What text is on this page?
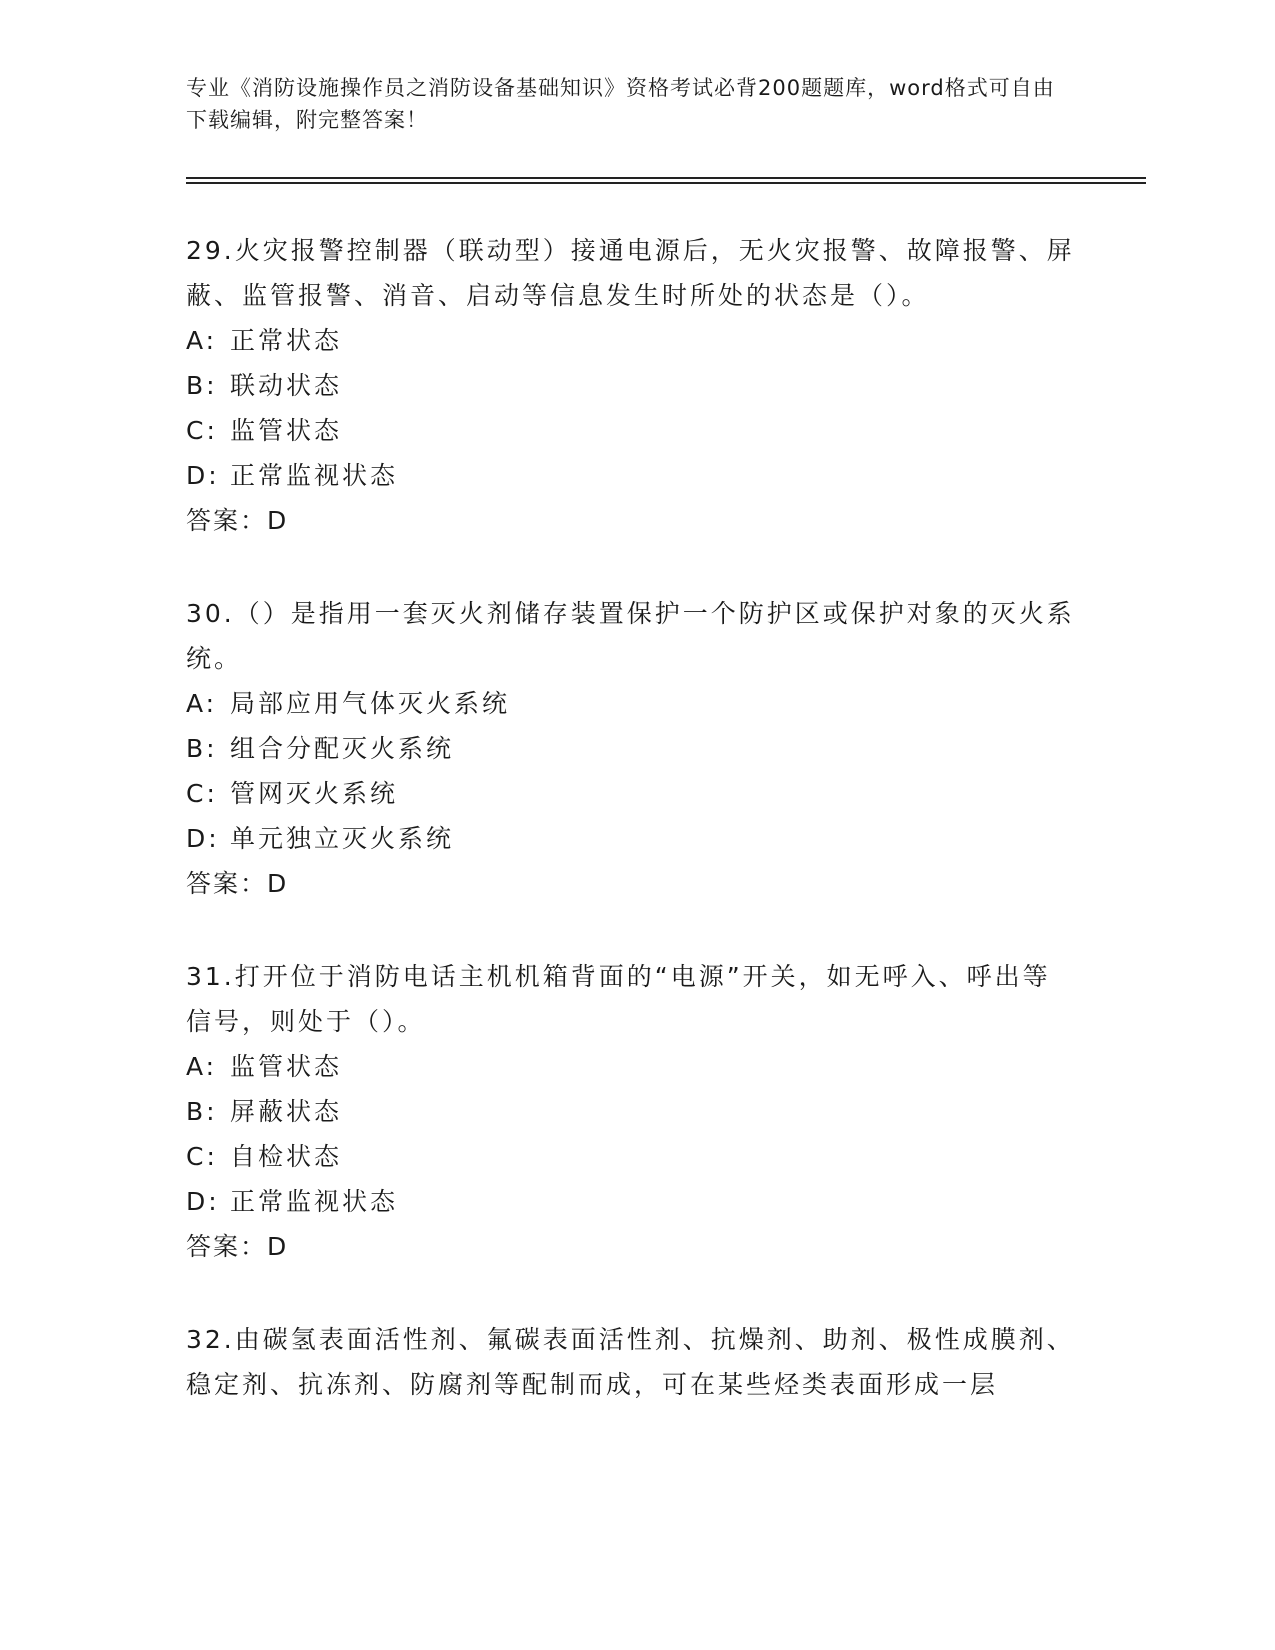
专业《消防设施操作员之消防设备基础知识》资格考试必背200题题库，word格式可自由下载编辑，附完整答案！

29.火灾报警控制器（联动型）接通电源后，无火灾报警、故障报警、屏蔽、监管报警、消音、启动等信息发生时所处的状态是（）。

A: 正常状态
B: 联动状态
C: 监管状态
D: 正常监视状态
答案：D

30.（）是指用一套灭火剂储存装置保护一个防护区或保护对象的灭火系统。

A: 局部应用气体灭火系统
B: 组合分配灭火系统
C: 管网灭火系统
D: 单元独立灭火系统
答案：D

31.打开位于消防电话主机机箱背面的“电源”开关，如无呼入、呼出等信号，则处于（）。

A: 监管状态
B: 屏蔽状态
C: 自检状态
D: 正常监视状态
答案：D

32.由碳氢表面活性剂、氟碳表面活性剂、抗燥剂、助剂、极性成膜剂、稳定剂、抗冻剂、防腐剂等配制而成，可在某些烃类表面形成一层
